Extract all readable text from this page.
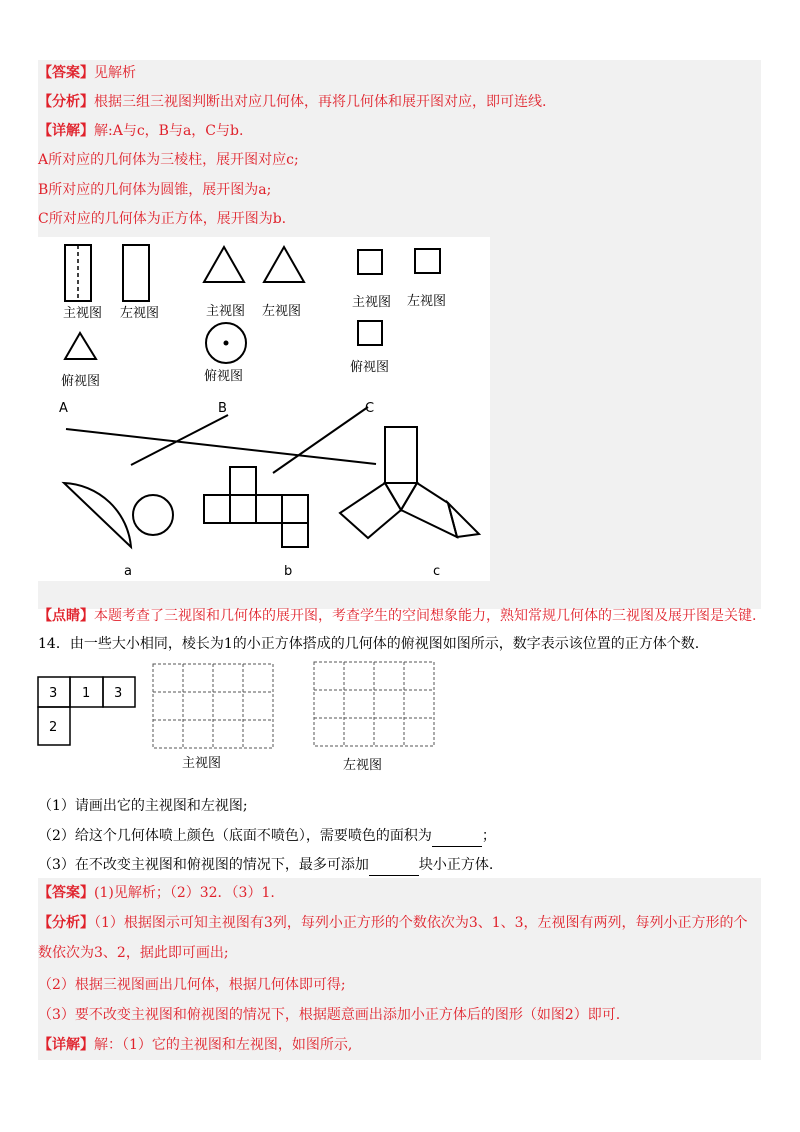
【答案】见解析
【分析】根据三组三视图判断出对应几何体，再将几何体和展开图对应，即可连线.
【详解】解:A与c，B与a，C与b.
A所对应的几何体为三棱柱，展开图对应c;
B所对应的几何体为圆锥，展开图为a;
C所对应的几何体为正方体，展开图为b.
主视图 左视图
俯视图
主视图 左视图
俯视图
主视图 左视图
俯视图
A	B	C
a	b	c
【点睛】本题考查了三视图和几何体的展开图，考查学生的空间想象能力，熟知常规几何体的三视图及展开图是关键.
14．由一些大小相同，棱长为1的小正方体搭成的几何体的俯视图如图所示，数字表示该位置的正方体个数.
3 1 3
2
主视图	左视图
（1）请画出它的主视图和左视图;
（2）给这个几何体喷上颜色（底面不喷色），需要喷色的面积为	；
（3）在不改变主视图和俯视图的情况下，最多可添加	块小正方体.
【答案】(1)见解析；（2）32．（3）1.
【分析】（1）根据图示可知主视图有3列，每列小正方形的个数依次为3、1、3，左视图有两列，每列小正方形的个
数依次为3、2，据此即可画出;
（2）根据三视图画出几何体，根据几何体即可得;
（3）要不改变主视图和俯视图的情况下，根据题意画出添加小正方体后的图形（如图2）即可.
【详解】解：（1）它的主视图和左视图，如图所示,
